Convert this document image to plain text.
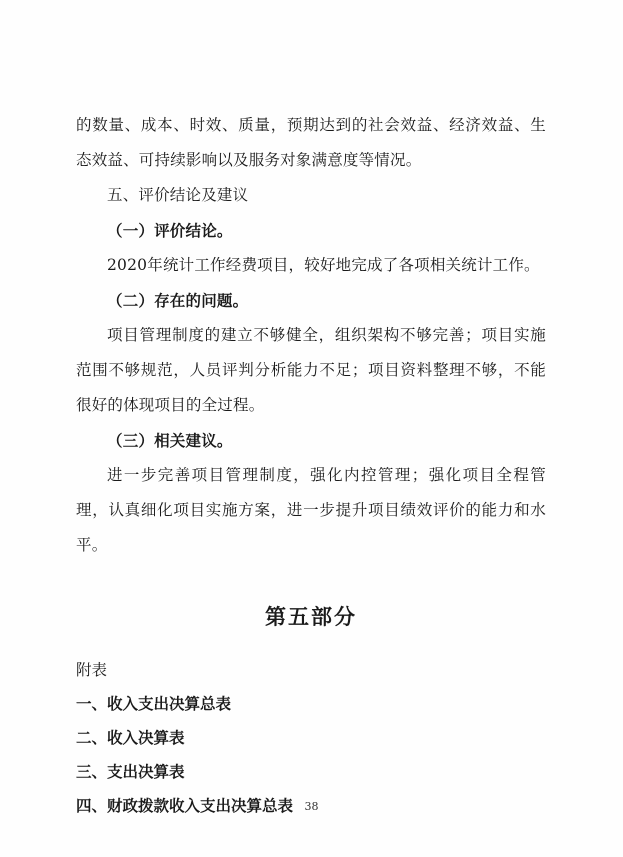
的数量、成本、时效、质量，预期达到的社会效益、经济效益、生态效益、可持续影响以及服务对象满意度等情况。

五、评价结论及建议

（一）评价结论。

2020年统计工作经费项目，较好地完成了各项相关统计工作。

（二）存在的问题。

项目管理制度的建立不够健全，组织架构不够完善；项目实施范围不够规范，人员评判分析能力不足；项目资料整理不够，不能很好的体现项目的全过程。

（三）相关建议。

进一步完善项目管理制度，强化内控管理；强化项目全程管理，认真细化项目实施方案，进一步提升项目绩效评价的能力和水平。

第五部分
附表
一、收入支出决算总表
二、收入决算表
三、支出决算表
四、财政拨款收入支出决算总表	38
